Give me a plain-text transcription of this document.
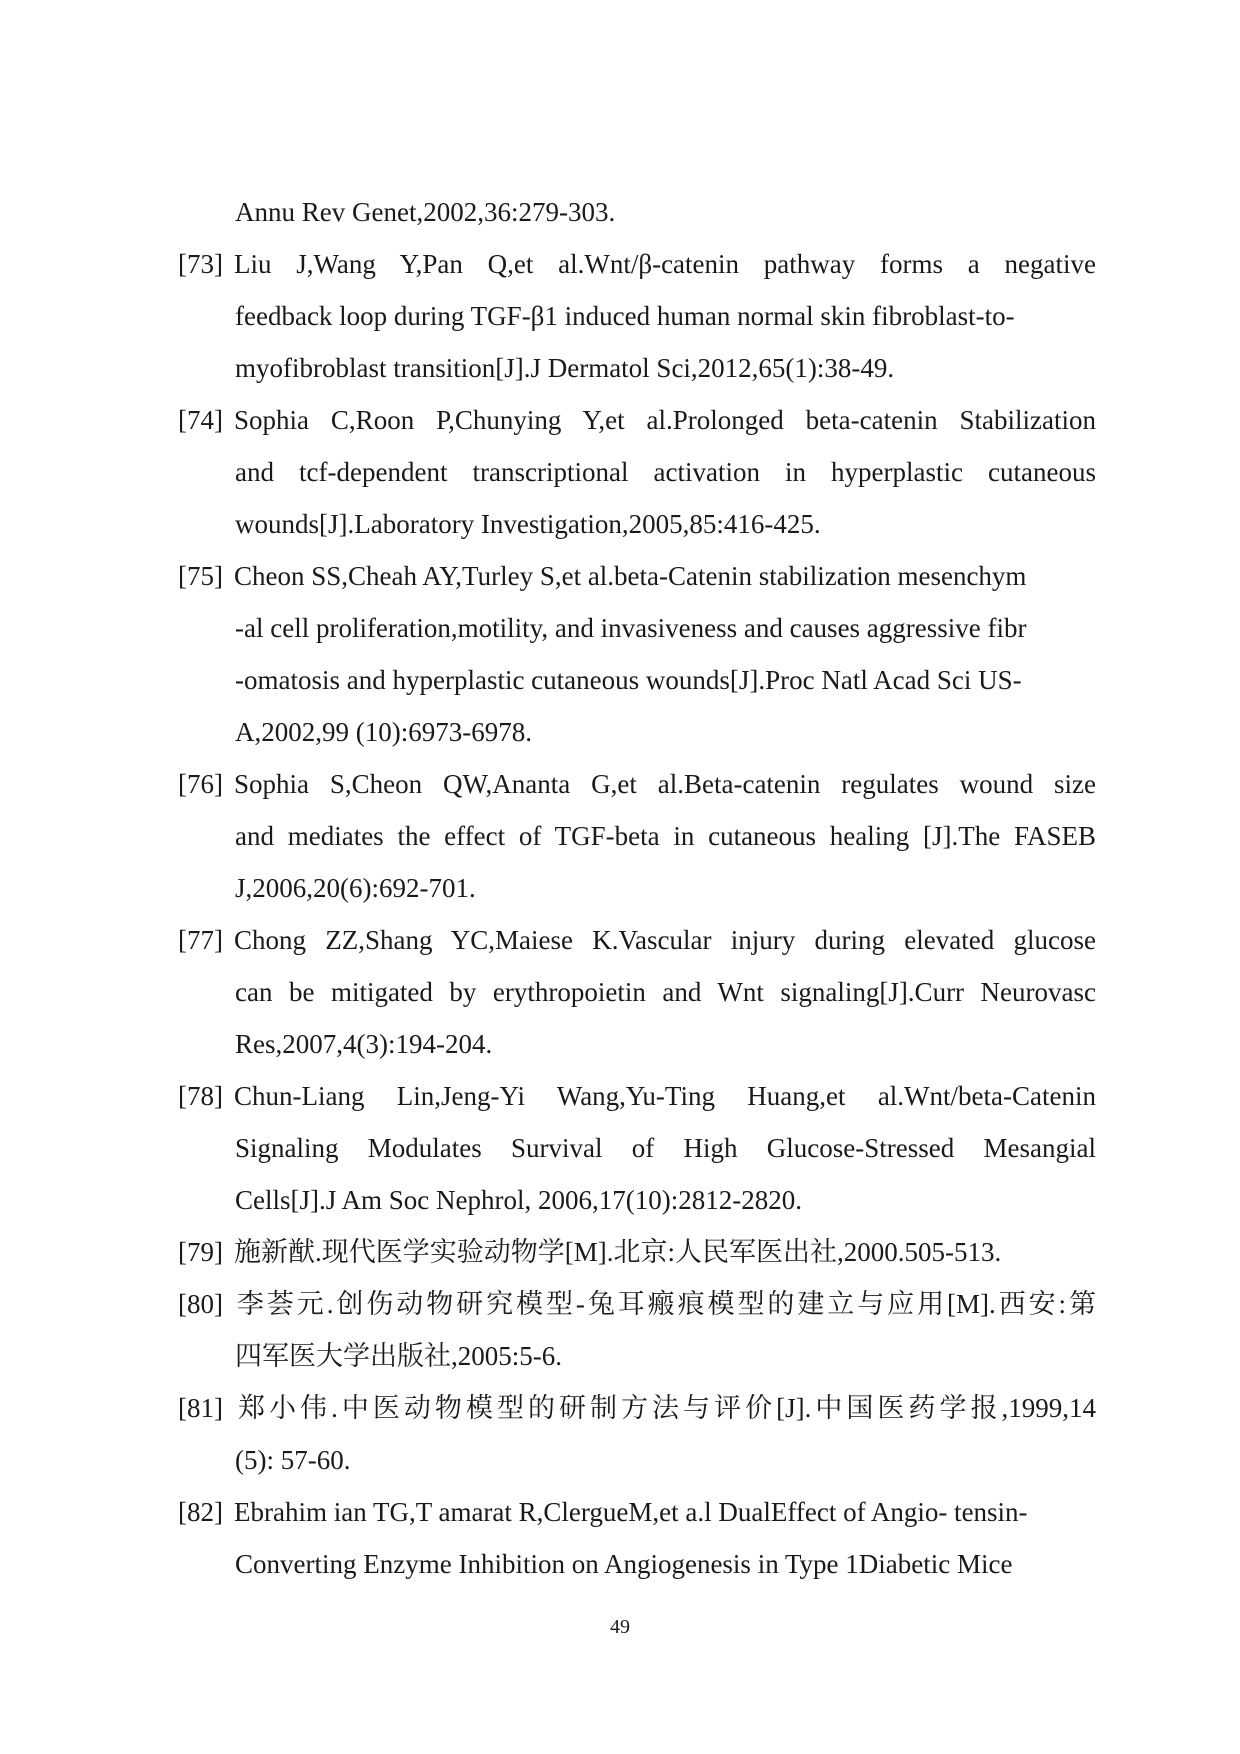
Annu Rev Genet,2002,36:279-303.
[73] Liu J,Wang Y,Pan Q,et al.Wnt/β-catenin pathway forms a negative
feedback loop during TGF-β1 induced human normal skin fibroblast-to-
myofibroblast transition[J].J Dermatol Sci,2012,65(1):38-49.
[74] Sophia C,Roon P,Chunying Y,et al.Prolonged beta-catenin Stabilization
and tcf-dependent transcriptional activation in hyperplastic cutaneous
wounds[J].Laboratory Investigation,2005,85:416-425.
[75] Cheon SS,Cheah AY,Turley S,et al.beta-Catenin stabilization mesenchym
-al cell proliferation,motility, and invasiveness and causes aggressive fibr
-omatosis and hyperplastic cutaneous wounds[J].Proc Natl Acad Sci US-
A,2002,99 (10):6973-6978.
[76] Sophia S,Cheon QW,Ananta G,et al.Beta-catenin regulates wound size
and mediates the effect of TGF-beta in cutaneous healing [J].The FASEB
J,2006,20(6):692-701.
[77] Chong ZZ,Shang YC,Maiese K.Vascular injury during elevated glucose
can be mitigated by erythropoietin and Wnt signaling[J].Curr Neurovasc
Res,2007,4(3):194-204.
[78] Chun-Liang Lin,Jeng-Yi Wang,Yu-Ting Huang,et al.Wnt/beta-Catenin
Signaling Modulates Survival of High Glucose-Stressed Mesangial
Cells[J].J Am Soc Nephrol, 2006,17(10):2812-2820.
[79] 施新猷.现代医学实验动物学[M].北京:人民军医出社,2000.505-513.
[80] 李荟元.创伤动物研究模型-兔耳瘢痕模型的建立与应用[M].西安:第
四军医大学出版社,2005:5-6.
[81] 郑小伟.中医动物模型的研制方法与评价[J].中国医药学报,1999,14
(5): 57-60.
[82] Ebrahim ian TG,T amarat R,ClergueM,et a.l DualEffect of Angio- tensin-
Converting Enzyme Inhibition on Angiogenesis in Type 1Diabetic Mice
49
